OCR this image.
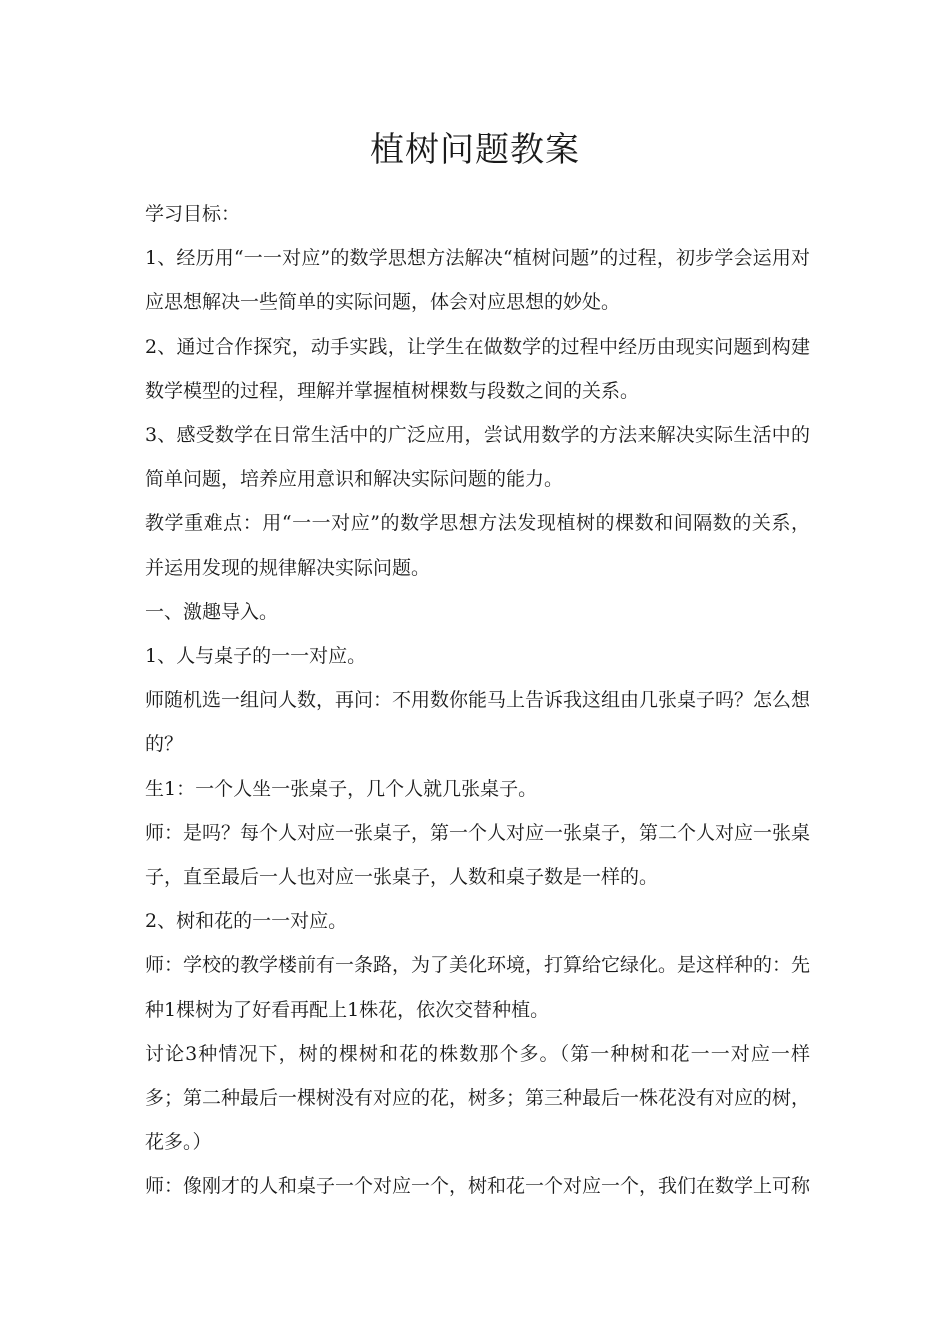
植树问题教案

学习目标：

1、经历用“一一对应”的数学思想方法解决“植树问题”的过程，初步学会运用对应思想解决一些简单的实际问题，体会对应思想的妙处。

2、通过合作探究，动手实践，让学生在做数学的过程中经历由现实问题到构建数学模型的过程，理解并掌握植树棵数与段数之间的关系。

3、感受数学在日常生活中的广泛应用，尝试用数学的方法来解决实际生活中的简单问题，培养应用意识和解决实际问题的能力。

教学重难点：用“一一对应”的数学思想方法发现植树的棵数和间隔数的关系，并运用发现的规律解决实际问题。

一、激趣导入。

1、人与桌子的一一对应。

师随机选一组问人数，再问：不用数你能马上告诉我这组由几张桌子吗？怎么想的？

生1：一个人坐一张桌子，几个人就几张桌子。

师：是吗？每个人对应一张桌子，第一个人对应一张桌子，第二个人对应一张桌子，直至最后一人也对应一张桌子，人数和桌子数是一样的。

2、树和花的一一对应。

师：学校的教学楼前有一条路，为了美化环境，打算给它绿化。是这样种的：先种1棵树为了好看再配上1株花，依次交替种植。

讨论3种情况下，树的棵树和花的株数那个多。（第一种树和花一一对应一样多；第二种最后一棵树没有对应的花，树多；第三种最后一株花没有对应的树，花多。）

师：像刚才的人和桌子一个对应一个，树和花一个对应一个，我们在数学上可称
